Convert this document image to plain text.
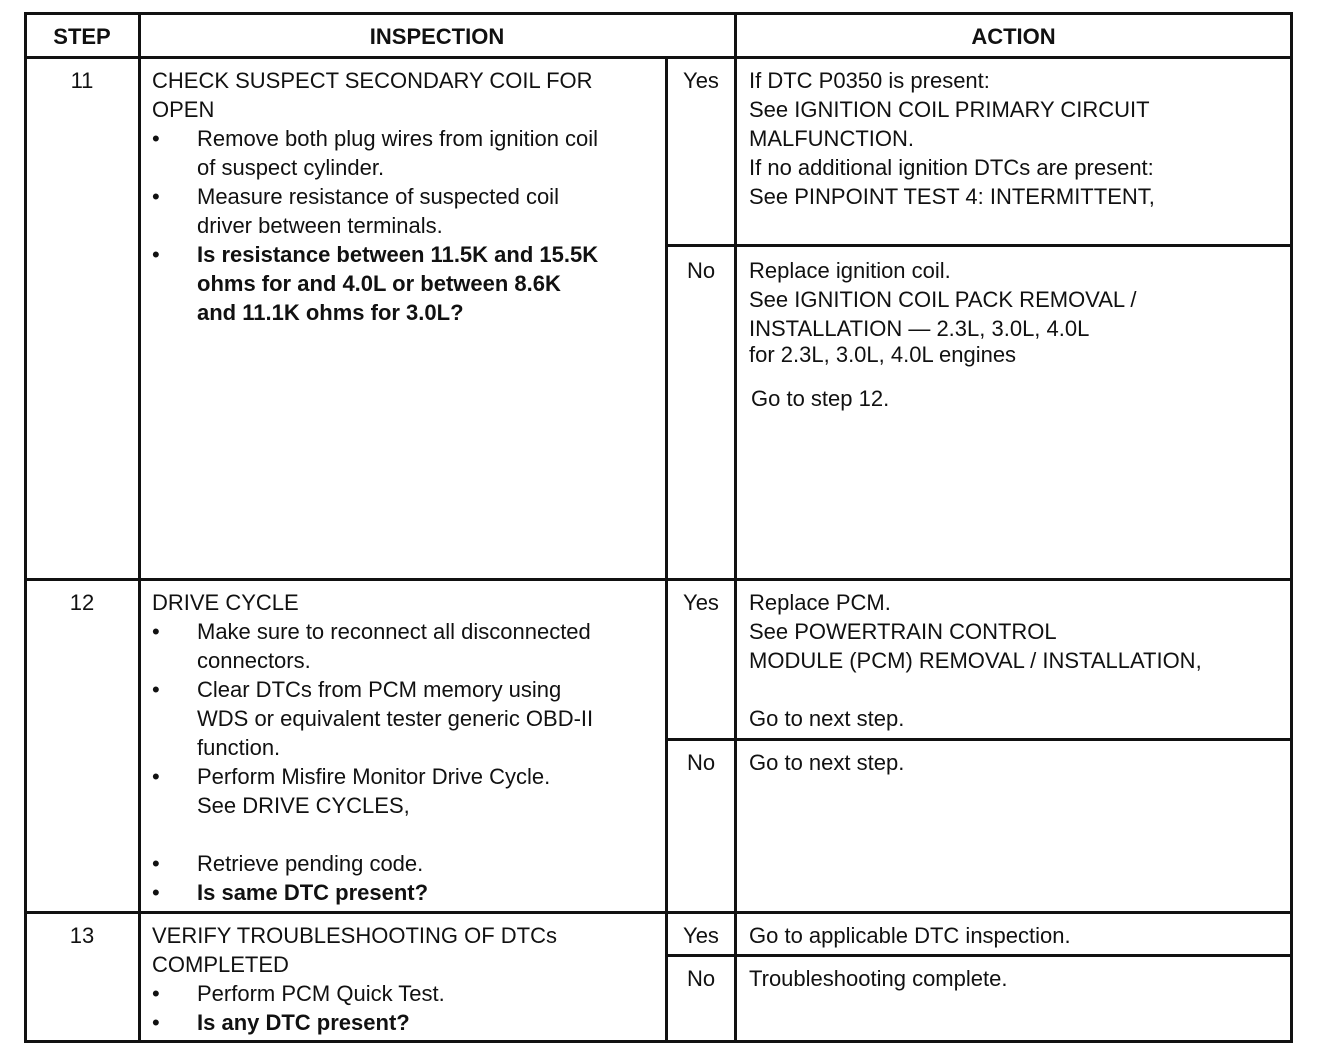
STEP	INSPECTION	ACTION
11	CHECK SUSPECT SECONDARY COIL FOR
OPEN
•	Remove both plug wires from ignition coil
of suspect cylinder.
•	Measure resistance of suspected coil
driver between terminals.
•	Is resistance between 11.5K and 15.5K
ohms for and 4.0L or between 8.6K
and 11.1K ohms for 3.0L?
Yes	If DTC P0350 is present:
See IGNITION COIL PRIMARY CIRCUIT
MALFUNCTION.
If no additional ignition DTCs are present:
See PINPOINT TEST 4: INTERMITTENT,
No	Replace ignition coil.
See IGNITION COIL PACK REMOVAL /
INSTALLATION — 2.3L, 3.0L, 4.0L
for 2.3L, 3.0L, 4.0L engines
Go to step 12.
12	DRIVE CYCLE
•	Make sure to reconnect all disconnected
connectors.
•	Clear DTCs from PCM memory using
WDS or equivalent tester generic OBD-II
function.
•	Perform Misfire Monitor Drive Cycle.
See DRIVE CYCLES,
•	Retrieve pending code.
•	Is same DTC present?
Yes	Replace PCM.
See POWERTRAIN CONTROL
MODULE (PCM) REMOVAL / INSTALLATION,
Go to next step.
No	Go to next step.
13	VERIFY TROUBLESHOOTING OF DTCs
COMPLETED
•	Perform PCM Quick Test.
•	Is any DTC present?
Yes	Go to applicable DTC inspection.
No	Troubleshooting complete.
